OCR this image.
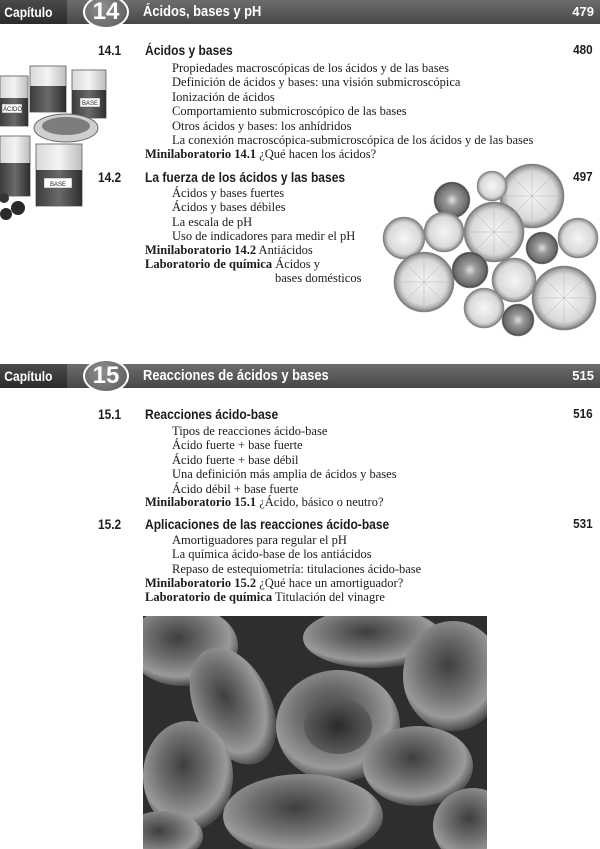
Capítulo	14	Ácidos, bases y pH	479
ÁCIDO
BASE
BASE
14.1 Ácidos y bases	480
Propiedades macroscópicas de los ácidos y de las bases
Definición de ácidos y bases: una visión submicroscópica
Ionización de ácidos
Comportamiento submicroscópico de las bases
Otros ácidos y bases: los anhídridos
La conexión macroscópica-submicroscópica de los ácidos y de las bases
Minilaboratorio 14.1 ¿Qué hacen los ácidos?
14.2 La fuerza de los ácidos y las bases	497
Ácidos y bases fuertes
Ácidos y bases débiles
La escala de pH
Uso de indicadores para medir el pH
Minilaboratorio 14.2 Antiácidos
Laboratorio de química Ácidos y
bases domésticos
Capítulo	15	Reacciones de ácidos y bases	515
15.1 Reacciones ácido-base	516
Tipos de reacciones ácido-base
Ácido fuerte + base fuerte
Ácido fuerte + base débil
Una definición más amplia de ácidos y bases
Ácido débil + base fuerte
Minilaboratorio 15.1 ¿Ácido, básico o neutro?
15.2 Aplicaciones de las reacciones ácido-base	531
Amortiguadores para regular el pH
La química ácido-base de los antiácidos
Repaso de estequiometría: titulaciones ácido-base
Minilaboratorio 15.2 ¿Qué hace un amortiguador?
Laboratorio de química Titulación del vinagre
